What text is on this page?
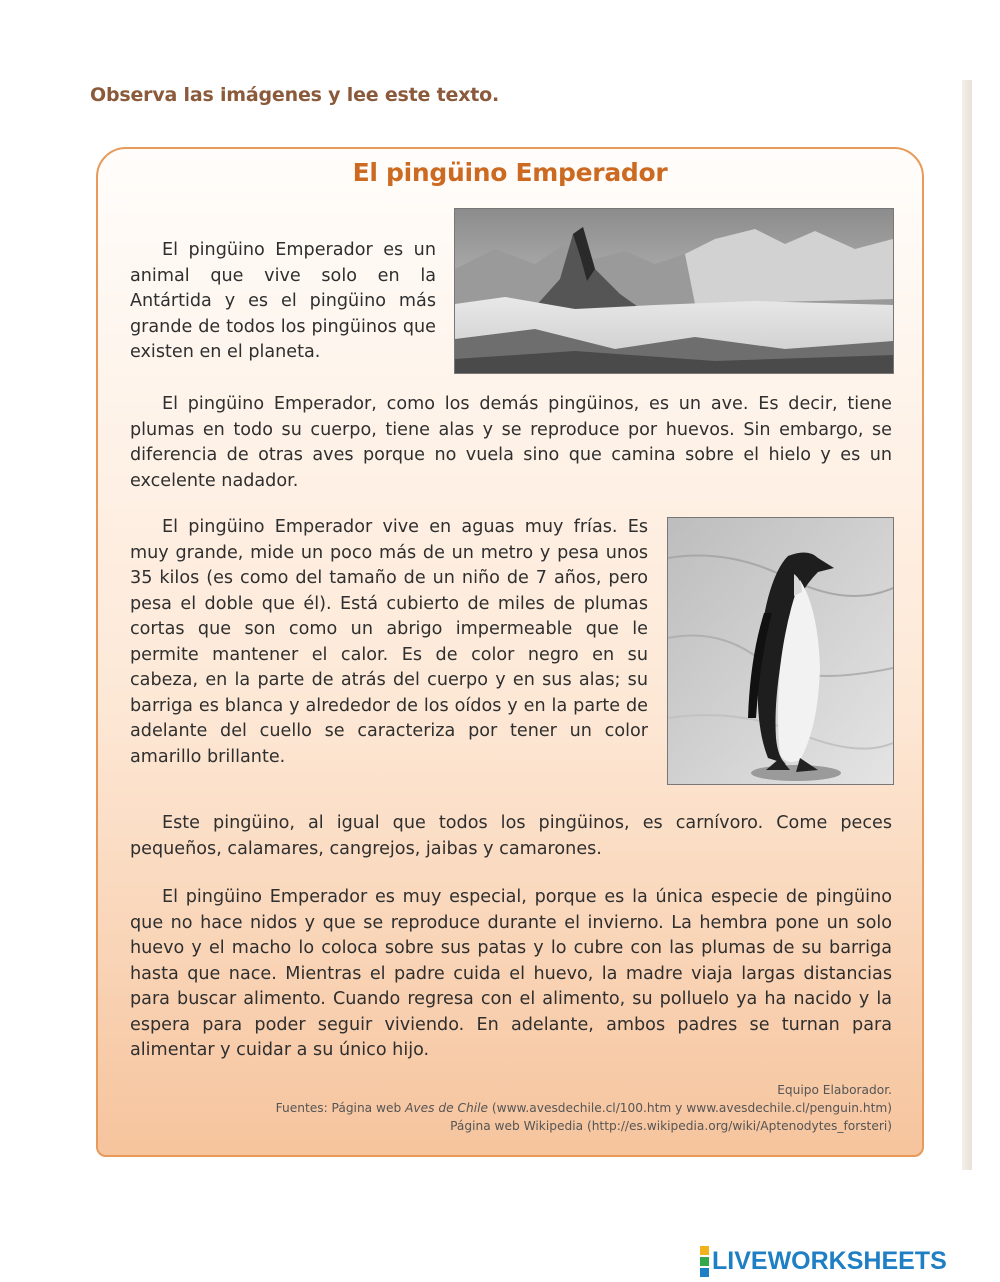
Observa las imágenes y lee este texto.
El pingüino Emperador

El pingüino Emperador es un animal que vive solo en la Antártida y es el pingüino más grande de todos los pingüinos que existen en el planeta.

El pingüino Emperador, como los demás pingüinos, es un ave. Es decir, tiene plumas en todo su cuerpo, tiene alas y se reproduce por huevos. Sin embargo, se diferencia de otras aves porque no vuela sino que camina sobre el hielo y es un excelente nadador.

El pingüino Emperador vive en aguas muy frías. Es muy grande, mide un poco más de un metro y pesa unos 35 kilos (es como del tamaño de un niño de 7 años, pero pesa el doble que él). Está cubierto de miles de plumas cortas que son como un abrigo impermeable que le permite mantener el calor. Es de color negro en su cabeza, en la parte de atrás del cuerpo y en sus alas; su barriga es blanca y alrededor de los oídos y en la parte de adelante del cuello se caracteriza por tener un color amarillo brillante.

Este pingüino, al igual que todos los pingüinos, es carnívoro. Come peces pequeños, calamares, cangrejos, jaibas y camarones.

El pingüino Emperador es muy especial, porque es la única especie de pingüino que no hace nidos y que se reproduce durante el invierno. La hembra pone un solo huevo y el macho lo coloca sobre sus patas y lo cubre con las plumas de su barriga hasta que nace. Mientras el padre cuida el huevo, la madre viaja largas distancias para buscar alimento. Cuando regresa con el alimento, su polluelo ya ha nacido y la espera para poder seguir viviendo. En adelante, ambos padres se turnan para alimentar y cuidar a su único hijo.

Equipo Elaborador.
Fuentes: Página web Aves de Chile (www.avesdechile.cl/100.htm y www.avesdechile.cl/penguin.htm)
Página web Wikipedia (http://es.wikipedia.org/wiki/Aptenodytes_forsteri)
LIVEWORKSHEETS
